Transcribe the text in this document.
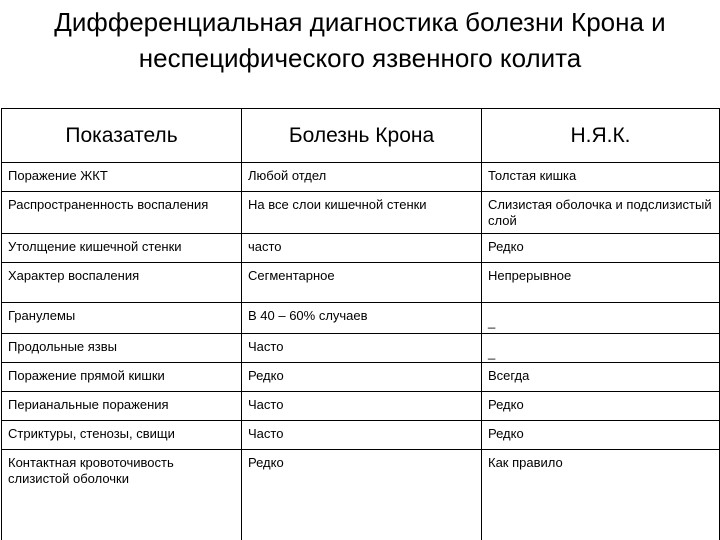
Дифференциальная диагностика болезни Крона и
неспецифического язвенного колита
Показатель	Болезнь Крона	Н.Я.К.
Поражение ЖКТ	Любой отдел	Толстая кишка
Распространенность воспаления	На все слои кишечной стенки	Слизистая оболочка и подслизистый слой
Утолщение кишечной стенки	часто	Редко
Характер воспаления	Сегментарное	Непрерывное
Гранулемы	В 40 – 60% случаев	_
Продольные язвы	Часто	_
Поражение прямой кишки	Редко	Всегда
Перианальные поражения	Часто	Редко
Стриктуры, стенозы, свищи	Часто	Редко
Контактная кровоточивость слизистой оболочки	Редко	Как правило
